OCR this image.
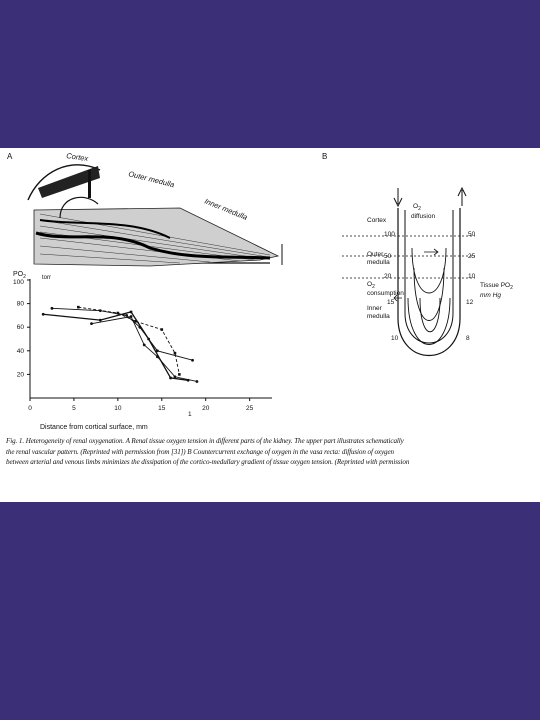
A	B
Cortex
Outer medulla
Inner medulla
$PO_2$	torr
100
0	5	10	15	20	25
20
40
60
80
1
Distance from cortical surface, mm
$O_2$ diffusion
Cortex
Outer medulla
$O_2$ consumption
Inner medulla
Tissue $PO_2$ mm Hg
100
50
20
15
10
50
25
10
12
8
Fig. 1. Heterogeneity of renal oxygenation. A Renal tissue oxygen tension in different parts of the kidney. The upper part illustrates schematically
the renal vascular pattern. (Reprinted with permission from [31]) B Countercurrent exchange of oxygen in the vasa recta: diffusion of oxygen
between arterial and venous limbs minimizes the dissipation of the cortico-medullary gradient of tissue oxygen tension. (Reprinted with permission
